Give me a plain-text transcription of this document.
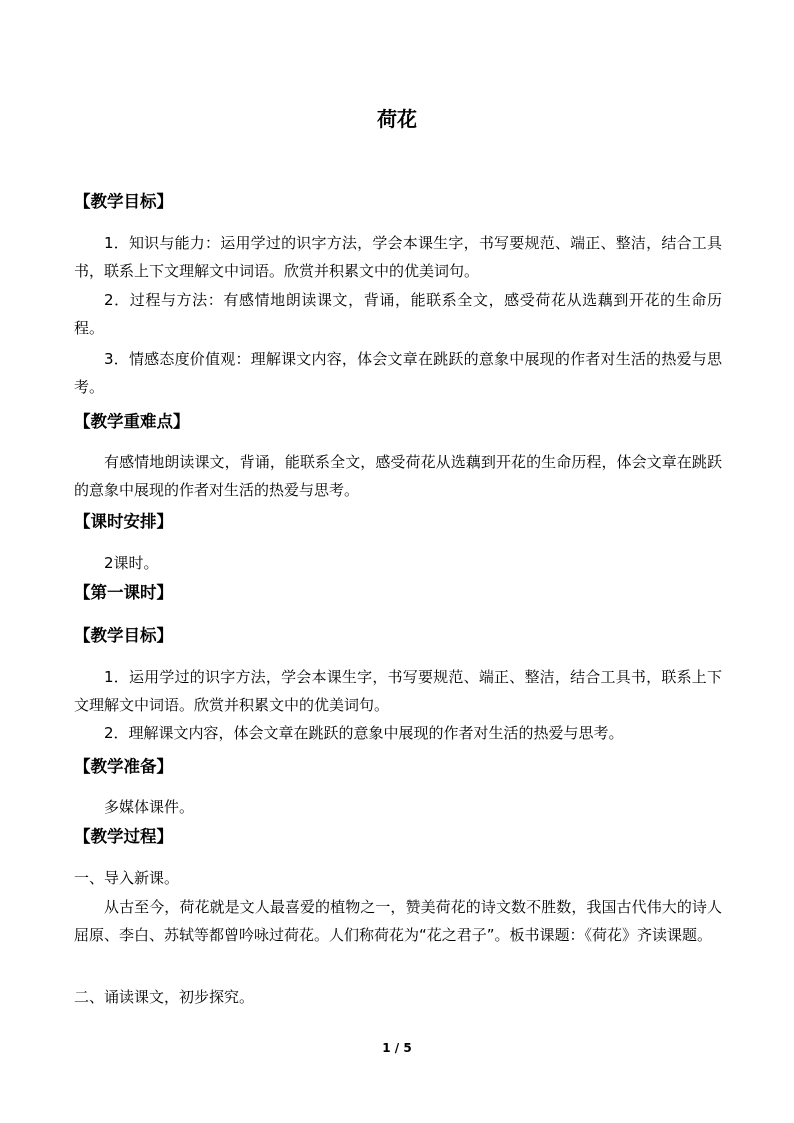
荷花
【教学目标】
1．知识与能力：运用学过的识字方法，学会本课生字，书写要规范、端正、整洁，结合工具书，联系上下文理解文中词语。欣赏并积累文中的优美词句。
2．过程与方法：有感情地朗读课文，背诵，能联系全文，感受荷花从选藕到开花的生命历程。
3．情感态度价值观：理解课文内容，体会文章在跳跃的意象中展现的作者对生活的热爱与思考。
【教学重难点】
有感情地朗读课文，背诵，能联系全文，感受荷花从选藕到开花的生命历程，体会文章在跳跃的意象中展现的作者对生活的热爱与思考。
【课时安排】
2课时。
【第一课时】
【教学目标】
1．运用学过的识字方法，学会本课生字，书写要规范、端正、整洁，结合工具书，联系上下文理解文中词语。欣赏并积累文中的优美词句。
2．理解课文内容，体会文章在跳跃的意象中展现的作者对生活的热爱与思考。
【教学准备】
多媒体课件。
【教学过程】
一、导入新课。
从古至今，荷花就是文人最喜爱的植物之一，赞美荷花的诗文数不胜数，我国古代伟大的诗人屈原、李白、苏轼等都曾吟咏过荷花。人们称荷花为“花之君子”。板书课题：《荷花》齐读课题。
二、诵读课文，初步探究。
1 / 5
